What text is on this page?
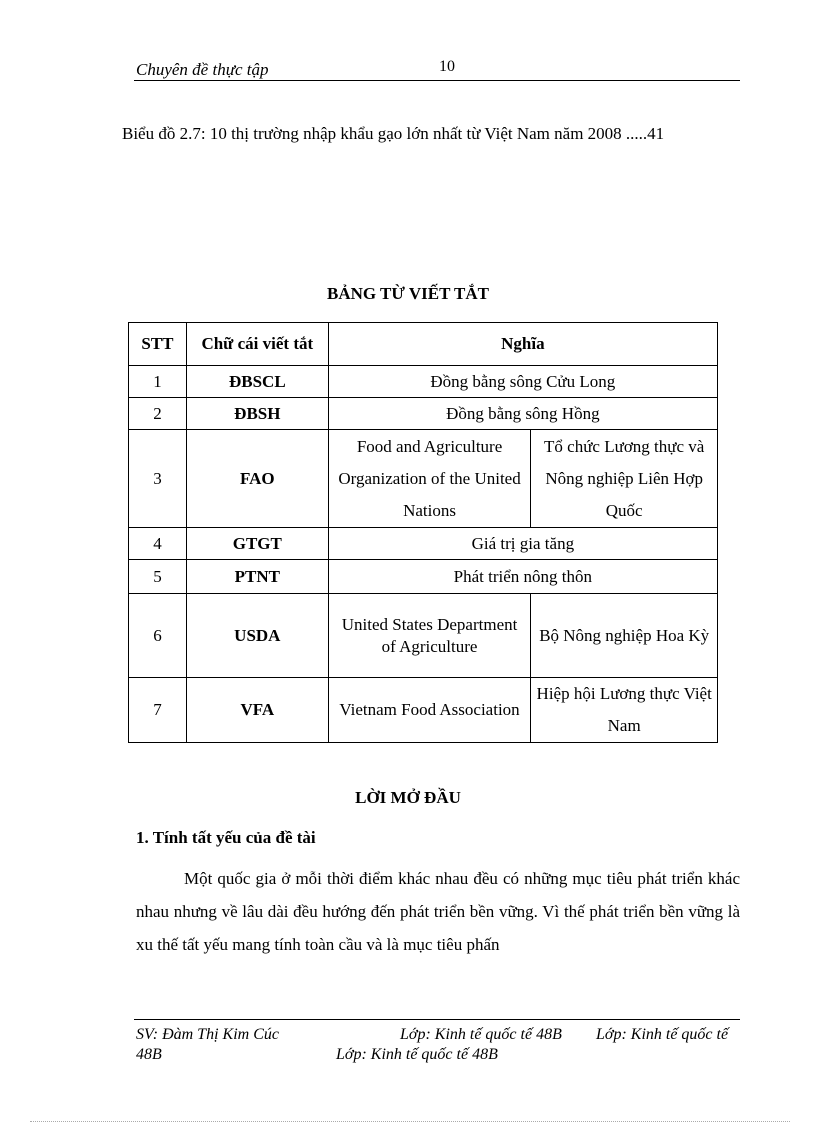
Chuyên đề thực tập	10
Biểu đồ 2.7: 10 thị trường nhập khẩu gạo lớn nhất từ Việt Nam năm 2008 .....41
BẢNG TỪ VIẾT TẮT
STT	Chữ cái viết tắt	Nghĩa	
1	ĐBSCL	Đồng bằng sông Cửu Long	
2	ĐBSH	Đồng bằng sông Hồng	
3	FAO	Food and Agriculture Organization of the United Nations	Tổ chức Lương thực và Nông nghiệp Liên Hợp Quốc
4	GTGT	Giá trị gia tăng	
5	PTNT	Phát triển nông thôn	
6	USDA	United States Department of Agriculture	Bộ Nông nghiệp Hoa Kỳ
7	VFA	Vietnam Food Association	Hiệp hội Lương thực Việt Nam
LỜI MỞ ĐẦU
1. Tính tất yếu của đề tài
Một quốc gia ở mỗi thời điểm khác nhau đều có những mục tiêu phát triển khác nhau nhưng về lâu dài đều hướng đến phát triển bền vững. Vì thế phát triển bền vững là xu thế tất yếu mang tính toàn cầu và là mục tiêu phấn
SV: Đàm Thị Kim Cúc	Lớp: Kinh tế quốc tế 48B Lớp: Kinh tế quốc tế
48B	Lớp: Kinh tế quốc tế 48B
